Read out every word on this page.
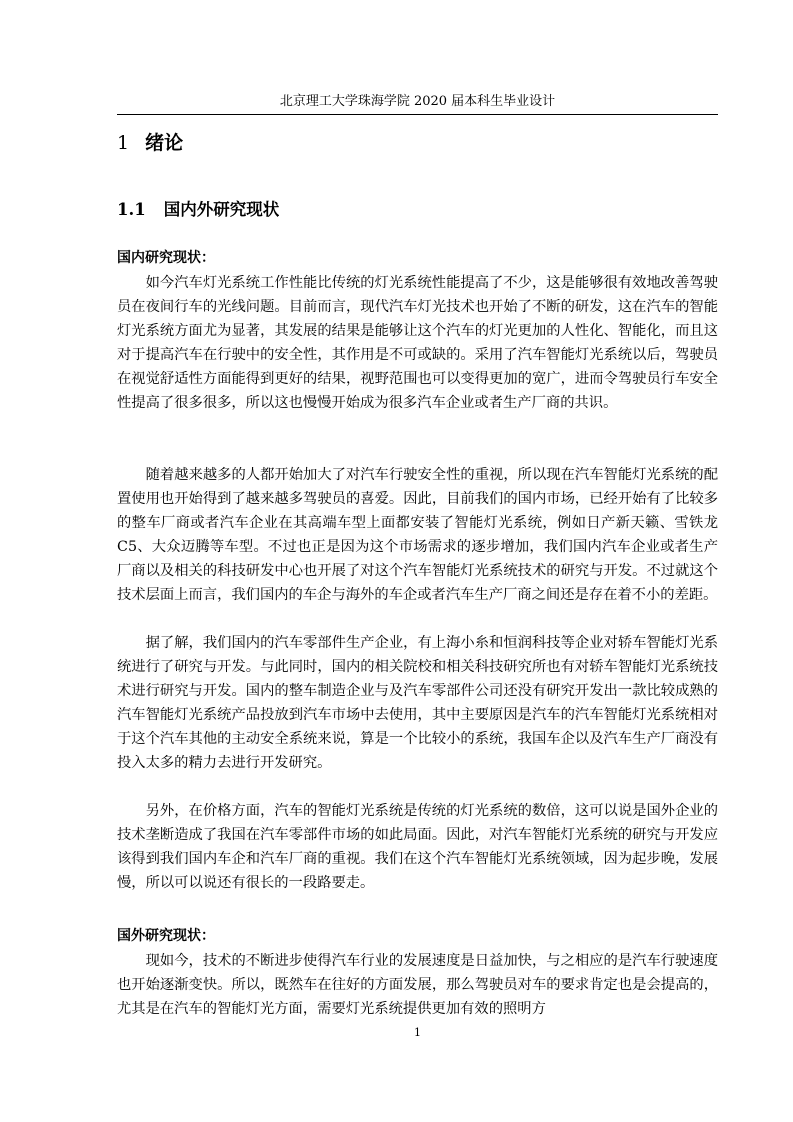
北京理工大学珠海学院 2020 届本科生毕业设计
1 绪论
1.1 国内外研究现状
国内研究现状：

如今汽车灯光系统工作性能比传统的灯光系统性能提高了不少，这是能够很有效地改善驾驶员在夜间行车的光线问题。目前而言，现代汽车灯光技术也开始了不断的研发，这在汽车的智能灯光系统方面尤为显著，其发展的结果是能够让这个汽车的灯光更加的人性化、智能化，而且这对于提高汽车在行驶中的安全性，其作用是不可或缺的。采用了汽车智能灯光系统以后，驾驶员在视觉舒适性方面能得到更好的结果，视野范围也可以变得更加的宽广，进而令驾驶员行车安全性提高了很多很多，所以这也慢慢开始成为很多汽车企业或者生产厂商的共识。

随着越来越多的人都开始加大了对汽车行驶安全性的重视，所以现在汽车智能灯光系统的配置使用也开始得到了越来越多驾驶员的喜爱。因此，目前我们的国内市场，已经开始有了比较多的整车厂商或者汽车企业在其高端车型上面都安装了智能灯光系统，例如日产新天籁、雪铁龙 C5、大众迈腾等车型。不过也正是因为这个市场需求的逐步增加，我们国内汽车企业或者生产厂商以及相关的科技研发中心也开展了对这个汽车智能灯光系统技术的研究与开发。不过就这个技术层面上而言，我们国内的车企与海外的车企或者汽车生产厂商之间还是存在着不小的差距。

据了解，我们国内的汽车零部件生产企业，有上海小糸和恒润科技等企业对轿车智能灯光系统进行了研究与开发。与此同时，国内的相关院校和相关科技研究所也有对轿车智能灯光系统技术进行研究与开发。国内的整车制造企业与及汽车零部件公司还没有研究开发出一款比较成熟的汽车智能灯光系统产品投放到汽车市场中去使用，其中主要原因是汽车的汽车智能灯光系统相对于这个汽车其他的主动安全系统来说，算是一个比较小的系统，我国车企以及汽车生产厂商没有投入太多的精力去进行开发研究。

另外，在价格方面，汽车的智能灯光系统是传统的灯光系统的数倍，这可以说是国外企业的技术垄断造成了我国在汽车零部件市场的如此局面。因此，对汽车智能灯光系统的研究与开发应该得到我们国内车企和汽车厂商的重视。我们在这个汽车智能灯光系统领域，因为起步晚，发展慢，所以可以说还有很长的一段路要走。

国外研究现状：

现如今，技术的不断进步使得汽车行业的发展速度是日益加快，与之相应的是汽车行驶速度也开始逐渐变快。所以，既然车在往好的方面发展，那么驾驶员对车的要求肯定也是会提高的，尤其是在汽车的智能灯光方面，需要灯光系统提供更加有效的照明方

1
